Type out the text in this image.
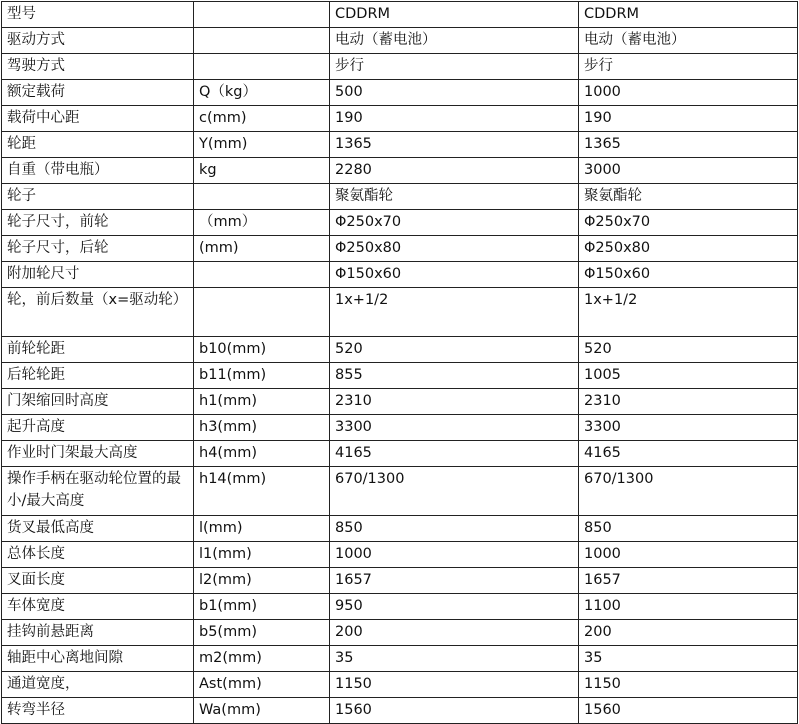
型号		CDDRM	CDDRM
驱动方式		电动（蓄电池）	电动（蓄电池）
驾驶方式		步行	步行
额定载荷	Q（kg）	500	1000
载荷中心距	c(mm)	190	190
轮距	Y(mm)	1365	1365
自重（带电瓶）	kg	2280	3000
轮子		聚氨酯轮	聚氨酯轮
轮子尺寸，前轮	（mm）	Φ250x70	Φ250x70
轮子尺寸，后轮	(mm)	Φ250x80	Φ250x80
附加轮尺寸		Φ150x60	Φ150x60
轮，前后数量（x=驱动轮）		1x+1/2	1x+1/2
前轮轮距	b10(mm)	520	520
后轮轮距	b11(mm)	855	1005
门架缩回时高度	h1(mm)	2310	2310
起升高度	h3(mm)	3300	3300
作业时门架最大高度	h4(mm)	4165	4165
操作手柄在驱动轮位置的最小/最大高度	h14(mm)	670/1300	670/1300
货叉最低高度	l(mm)	850	850
总体长度	l1(mm)	1000	1000
叉面长度	l2(mm)	1657	1657
车体宽度	b1(mm)	950	1100
挂钩前悬距离	b5(mm)	200	200
轴距中心离地间隙	m2(mm)	35	35
通道宽度，	Ast(mm)	1150	1150
转弯半径	Wa(mm)	1560	1560
